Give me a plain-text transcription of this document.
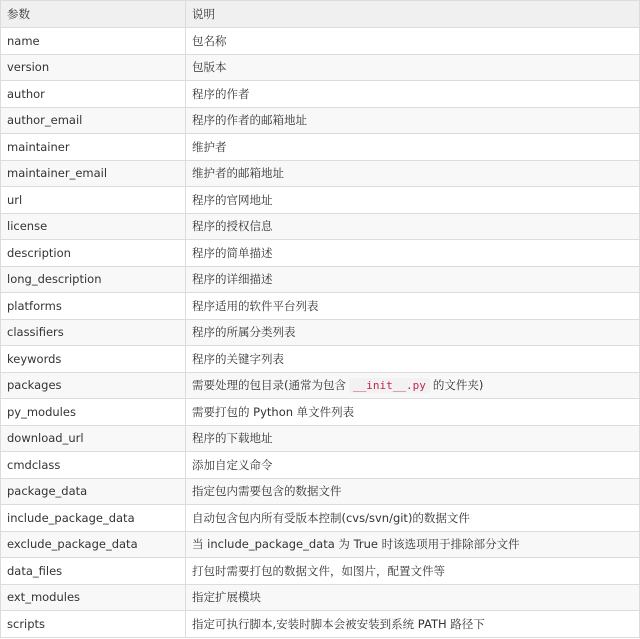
参数	说明
name	包名称
version	包版本
author	程序的作者
author_email	程序的作者的邮箱地址
maintainer	维护者
maintainer_email	维护者的邮箱地址
url	程序的官网地址
license	程序的授权信息
description	程序的简单描述
long_description	程序的详细描述
platforms	程序适用的软件平台列表
classifiers	程序的所属分类列表
keywords	程序的关键字列表
packages	需要处理的包目录(通常为包含 __init__.py 的文件夹)
py_modules	需要打包的 Python 单文件列表
download_url	程序的下载地址
cmdclass	添加自定义命令
package_data	指定包内需要包含的数据文件
include_package_data	自动包含包内所有受版本控制(cvs/svn/git)的数据文件
exclude_package_data	当 include_package_data 为 True 时该选项用于排除部分文件
data_files	打包时需要打包的数据文件，如图片，配置文件等
ext_modules	指定扩展模块
scripts	指定可执行脚本,安装时脚本会被安装到系统 PATH 路径下
